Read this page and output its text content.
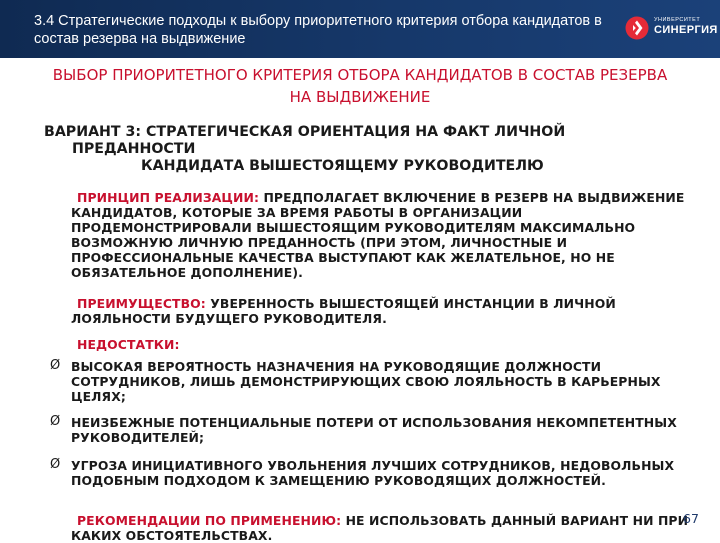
3.4 Стратегические подходы к выбору приоритетного критерия отбора кандидатов в состав резерва на выдвижение
УНИВЕРСИТЕТ
СИНЕРГИЯ
ВЫБОР ПРИОРИТЕТНОГО КРИТЕРИЯ ОТБОРА КАНДИДАТОВ В СОСТАВ РЕЗЕРВА НА ВЫДВИЖЕНИЕ
ВАРИАНТ 3: СТРАТЕГИЧЕСКАЯ ОРИЕНТАЦИЯ НА ФАКТ ЛИЧНОЙ
ПРЕДАННОСТИ
КАНДИДАТА ВЫШЕСТОЯЩЕМУ РУКОВОДИТЕЛЮ
ПРИНЦИП РЕАЛИЗАЦИИ: ПРЕДПОЛАГАЕТ ВКЛЮЧЕНИЕ В РЕЗЕРВ НА ВЫДВИЖЕНИЕ КАНДИДАТОВ, КОТОРЫЕ ЗА ВРЕМЯ РАБОТЫ В ОРГАНИЗАЦИИ ПРОДЕМОНСТРИРОВАЛИ ВЫШЕСТОЯЩИМ РУКОВОДИТЕЛЯМ МАКСИМАЛЬНО ВОЗМОЖНУЮ ЛИЧНУЮ ПРЕДАННОСТЬ (ПРИ ЭТОМ, ЛИЧНОСТНЫЕ И ПРОФЕССИОНАЛЬНЫЕ КАЧЕСТВА ВЫСТУПАЮТ КАК ЖЕЛАТЕЛЬНОЕ, НО НЕ ОБЯЗАТЕЛЬНОЕ ДОПОЛНЕНИЕ).
ПРЕИМУЩЕСТВО: УВЕРЕННОСТЬ ВЫШЕСТОЯЩЕЙ ИНСТАНЦИИ В ЛИЧНОЙ ЛОЯЛЬНОСТИ БУДУЩЕГО РУКОВОДИТЕЛЯ.
НЕДОСТАТКИ:
Ø ВЫСОКАЯ ВЕРОЯТНОСТЬ НАЗНАЧЕНИЯ НА РУКОВОДЯЩИЕ ДОЛЖНОСТИ СОТРУДНИКОВ, ЛИШЬ ДЕМОНСТРИРУЮЩИХ СВОЮ ЛОЯЛЬНОСТЬ В КАРЬЕРНЫХ ЦЕЛЯХ;
Ø НЕИЗБЕЖНЫЕ ПОТЕНЦИАЛЬНЫЕ ПОТЕРИ ОТ ИСПОЛЬЗОВАНИЯ НЕКОМПЕТЕНТНЫХ РУКОВОДИТЕЛЕЙ;
Ø УГРОЗА ИНИЦИАТИВНОГО УВОЛЬНЕНИЯ ЛУЧШИХ СОТРУДНИКОВ, НЕДОВОЛЬНЫХ ПОДОБНЫМ ПОДХОДОМ К ЗАМЕЩЕНИЮ РУКОВОДЯЩИХ ДОЛЖНОСТЕЙ.
РЕКОМЕНДАЦИИ ПО ПРИМЕНЕНИЮ: НЕ ИСПОЛЬЗОВАТЬ ДАННЫЙ ВАРИАНТ НИ ПРИ КАКИХ ОБСТОЯТЕЛЬСТВАХ.
67
